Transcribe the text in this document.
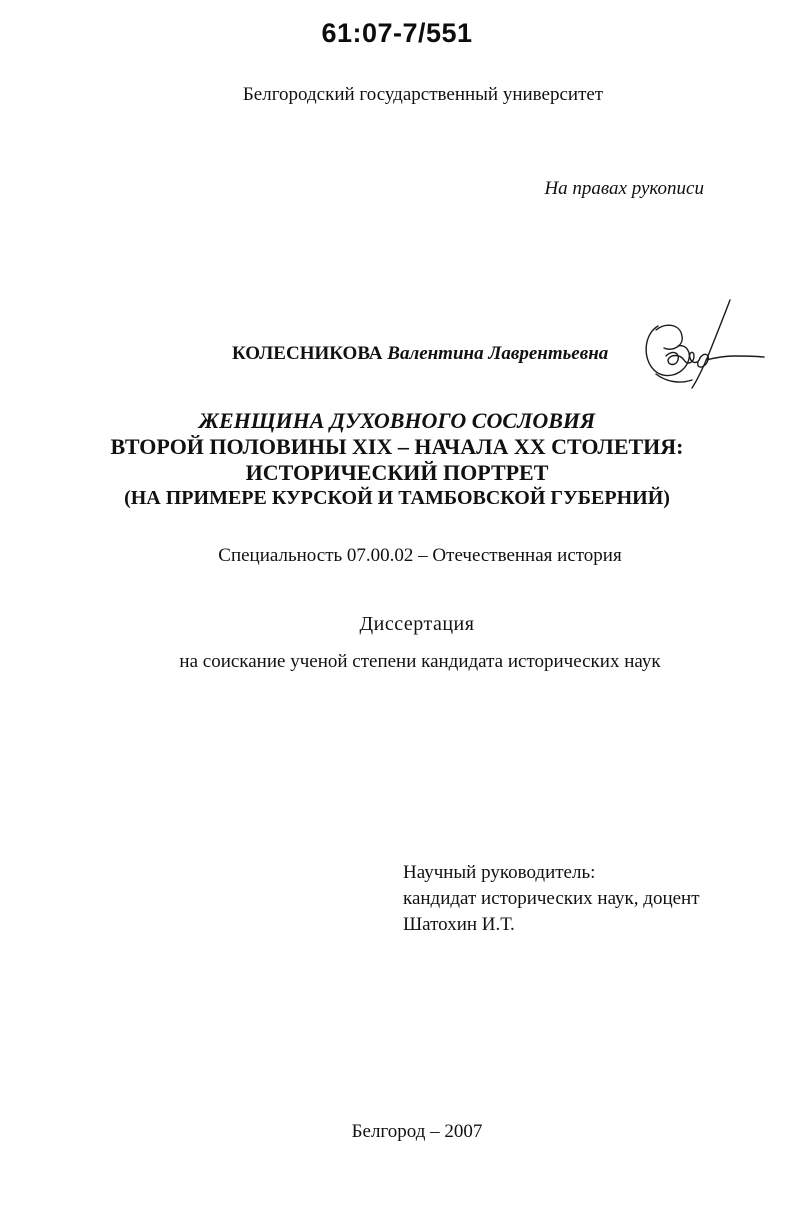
61:07-7/551
Белгородский государственный университет
На правах рукописи
КОЛЕСНИКОВА Валентина Лаврентьевна
ЖЕНЩИНА ДУХОВНОГО СОСЛОВИЯ
ВТОРОЙ ПОЛОВИНЫ XIX – НАЧАЛА XX СТОЛЕТИЯ:
ИСТОРИЧЕСКИЙ ПОРТРЕТ
(НА ПРИМЕРЕ КУРСКОЙ И ТАМБОВСКОЙ ГУБЕРНИЙ)
Специальность 07.00.02 – Отечественная история
Диссертация
на соискание ученой степени кандидата исторических наук
Научный руководитель:
кандидат исторических наук, доцент
Шатохин И.Т.
Белгород – 2007
